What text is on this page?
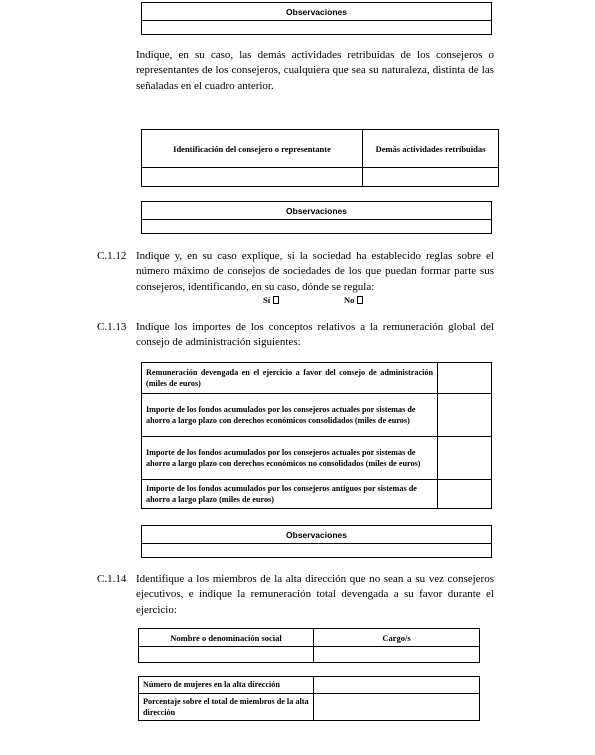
Observaciones

Indique, en su caso, las demás actividades retribuidas de los consejeros o representantes de los consejeros, cualquiera que sea su naturaleza, distinta de las señaladas en el cuadro anterior.
Identificación del consejero o representante	Demás actividades retribuidas

Observaciones

C.1.12 Indique y, en su caso explique, si la sociedad ha establecido reglas sobre el número máximo de consejos de sociedades de los que puedan formar parte sus consejeros, identificando, en su caso, dónde se regula:
Sí	No
C.1.13 Indique los importes de los conceptos relativos a la remuneración global del consejo de administración siguientes:
Remuneración devengada en el ejercicio a favor del consejo de administración (miles de euros)	
Importe de los fondos acumulados por los consejeros actuales por sistemas de ahorro a largo plazo con derechos económicos consolidados (miles de euros)	
Importe de los fondos acumulados por los consejeros actuales por sistemas de ahorro a largo plazo con derechos económicos no consolidados (miles de euros)	
Importe de los fondos acumulados por los consejeros antiguos por sistemas de ahorro a largo plazo (miles de euros)	
Observaciones

C.1.14 Identifique a los miembros de la alta dirección que no sean a su vez consejeros ejecutivos, e indique la remuneración total devengada a su favor durante el ejercicio:
Nombre o denominación social	Cargo/s

Número de mujeres en la alta dirección	
Porcentaje sobre el total de miembros de la alta dirección	
